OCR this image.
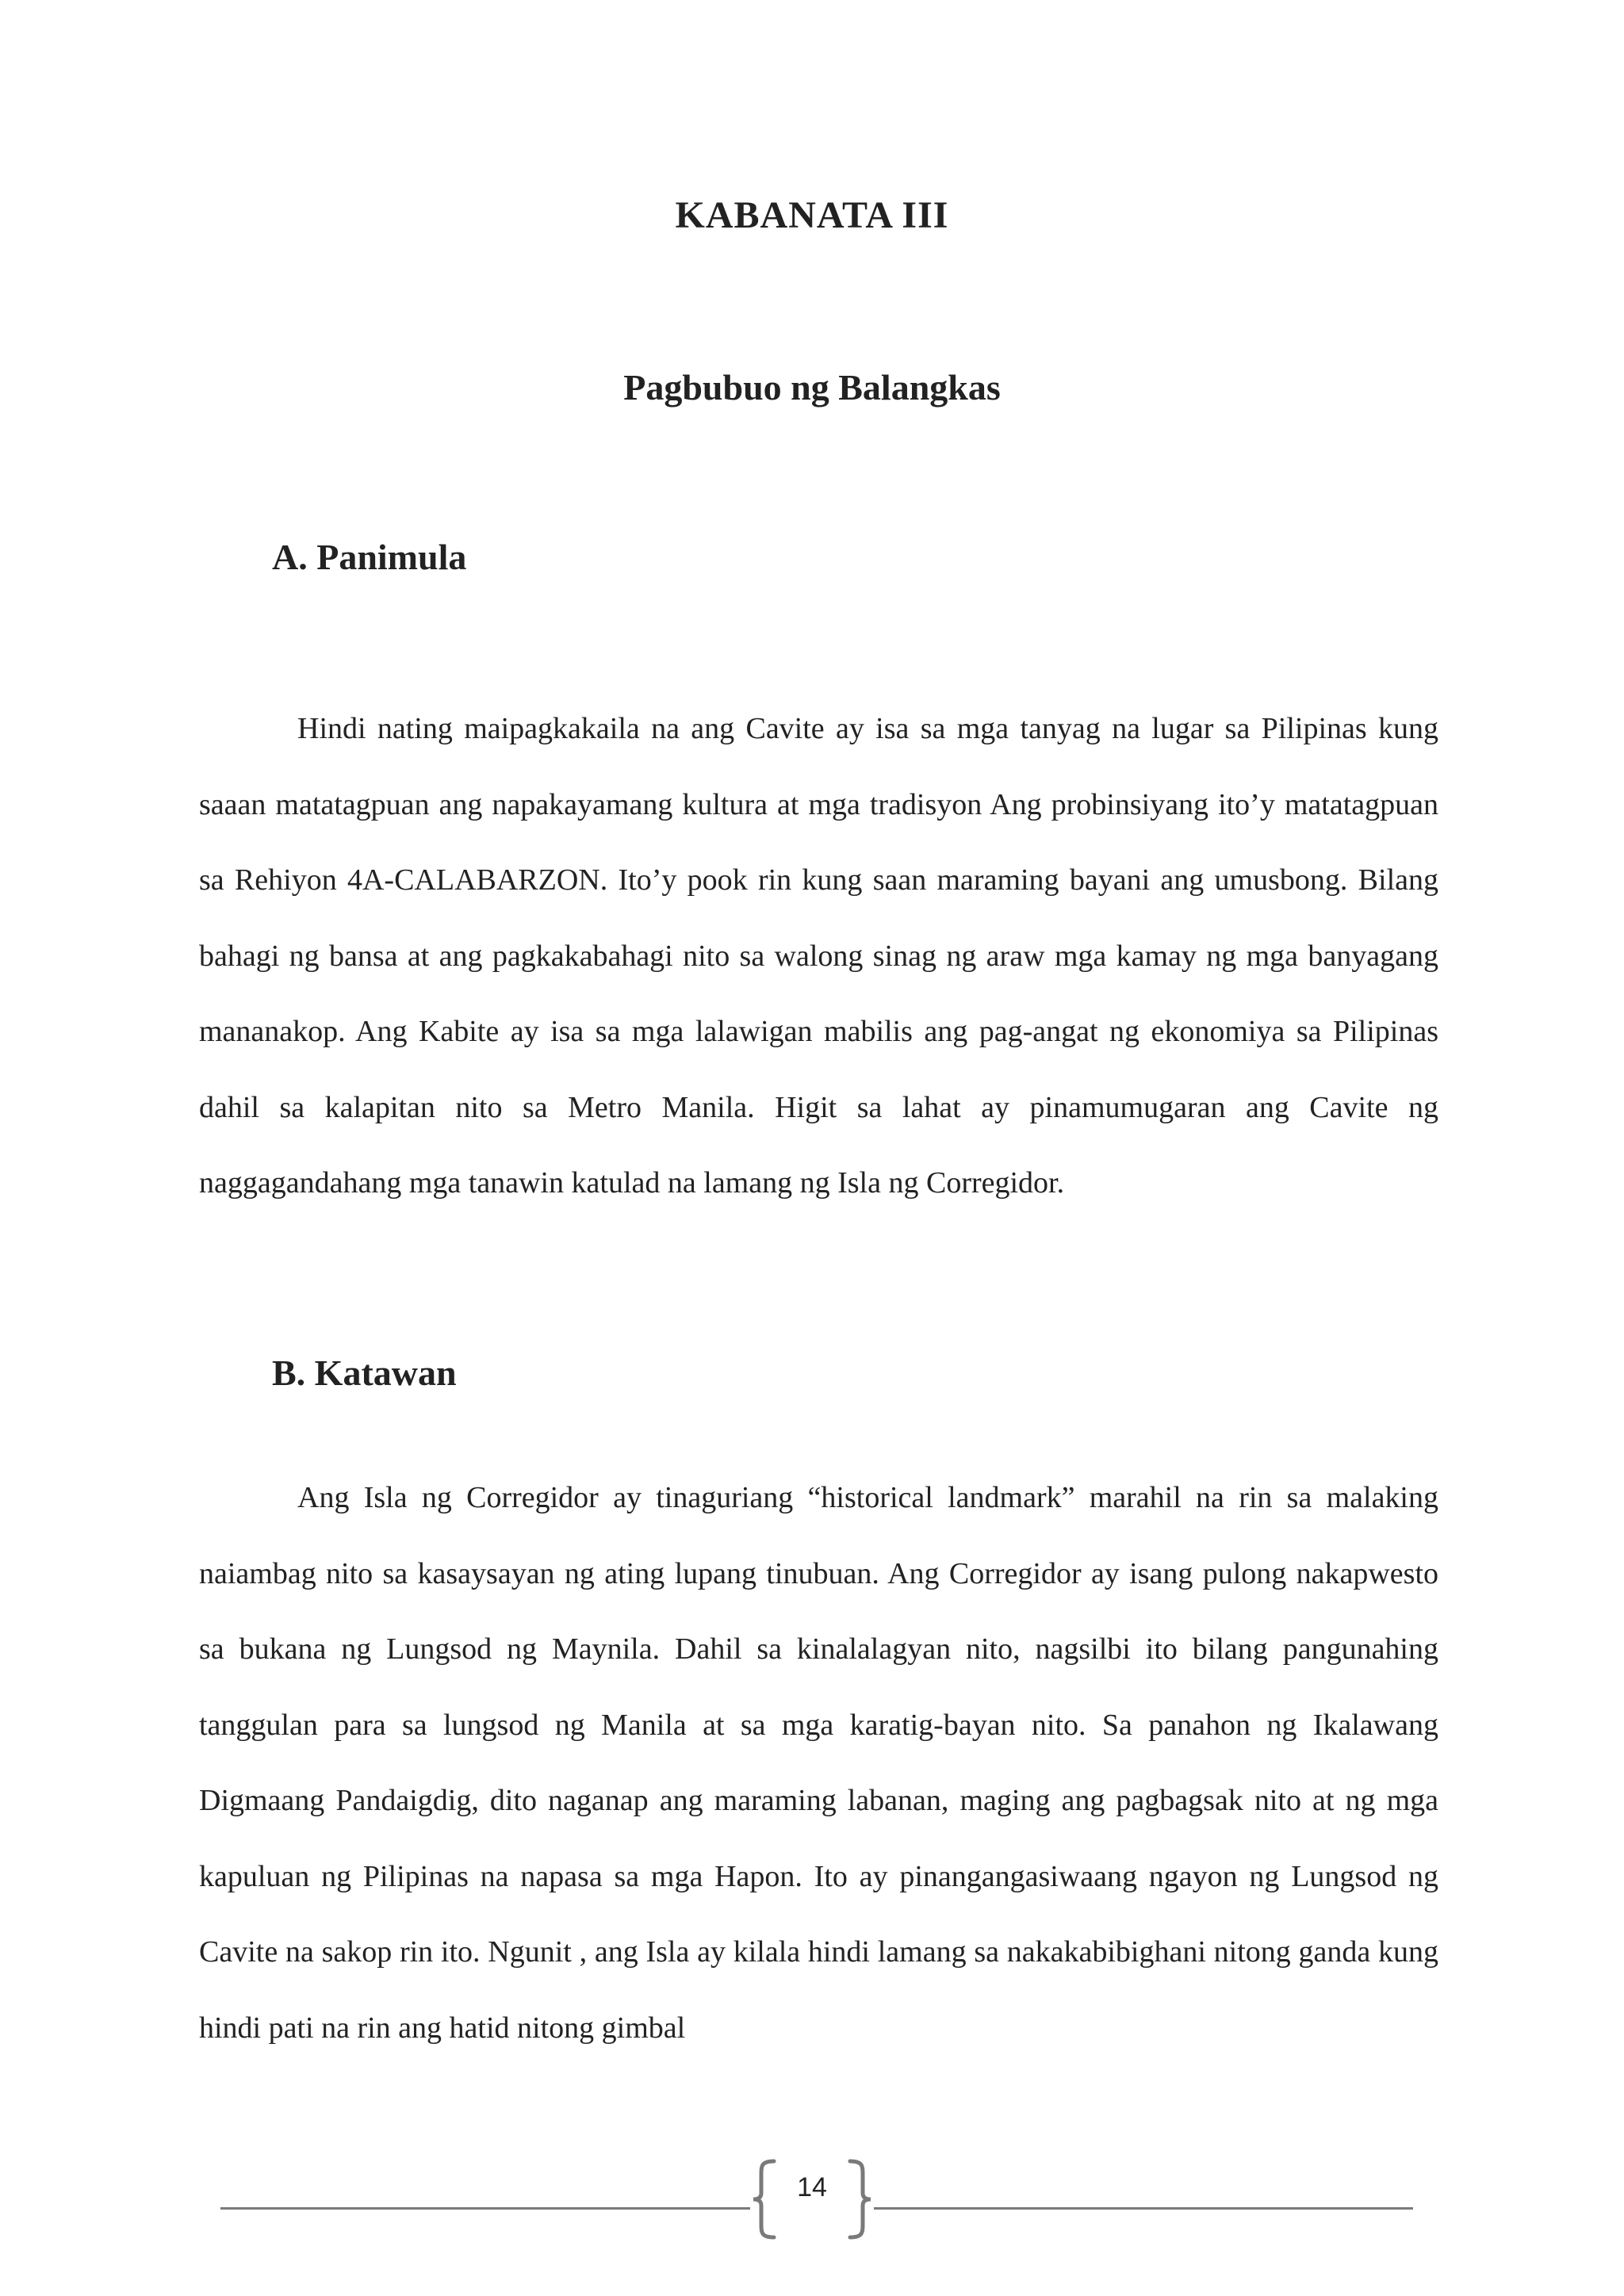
KABANATA III
Pagbubuo ng Balangkas
A. Panimula

Hindi nating maipagkakaila na ang Cavite ay isa sa mga tanyag na lugar sa Pilipinas kung saaan matatagpuan ang napakayamang kultura at mga tradisyon Ang probinsiyang ito’y matatagpuan sa Rehiyon 4A-CALABARZON. Ito’y pook rin kung saan maraming bayani ang umusbong. Bilang bahagi ng bansa at ang pagkakabahagi nito sa walong sinag ng araw mga kamay ng mga banyagang mananakop. Ang Kabite ay isa sa mga lalawigan mabilis ang pag-angat ng ekonomiya sa Pilipinas dahil sa kalapitan nito sa Metro Manila. Higit sa lahat ay pinamumugaran ang Cavite ng naggagandahang mga tanawin katulad na lamang ng Isla ng Corregidor.

B. Katawan

Ang Isla ng Corregidor ay tinaguriang “historical landmark” marahil na rin sa malaking naiambag nito sa kasaysayan ng ating lupang tinubuan. Ang Corregidor ay isang pulong nakapwesto sa bukana ng Lungsod ng Maynila. Dahil sa kinalalagyan nito, nagsilbi ito bilang pangunahing tanggulan para sa lungsod ng Manila at sa mga karatig-bayan nito. Sa panahon ng Ikalawang Digmaang Pandaigdig, dito naganap ang maraming labanan, maging ang pagbagsak nito at ng mga kapuluan ng Pilipinas na napasa sa mga Hapon. Ito ay pinangangasiwaang ngayon ng Lungsod ng Cavite na sakop rin ito. Ngunit , ang Isla ay kilala hindi lamang sa nakakabibighani nitong ganda kung hindi pati na rin ang hatid nitong gimbal

14
